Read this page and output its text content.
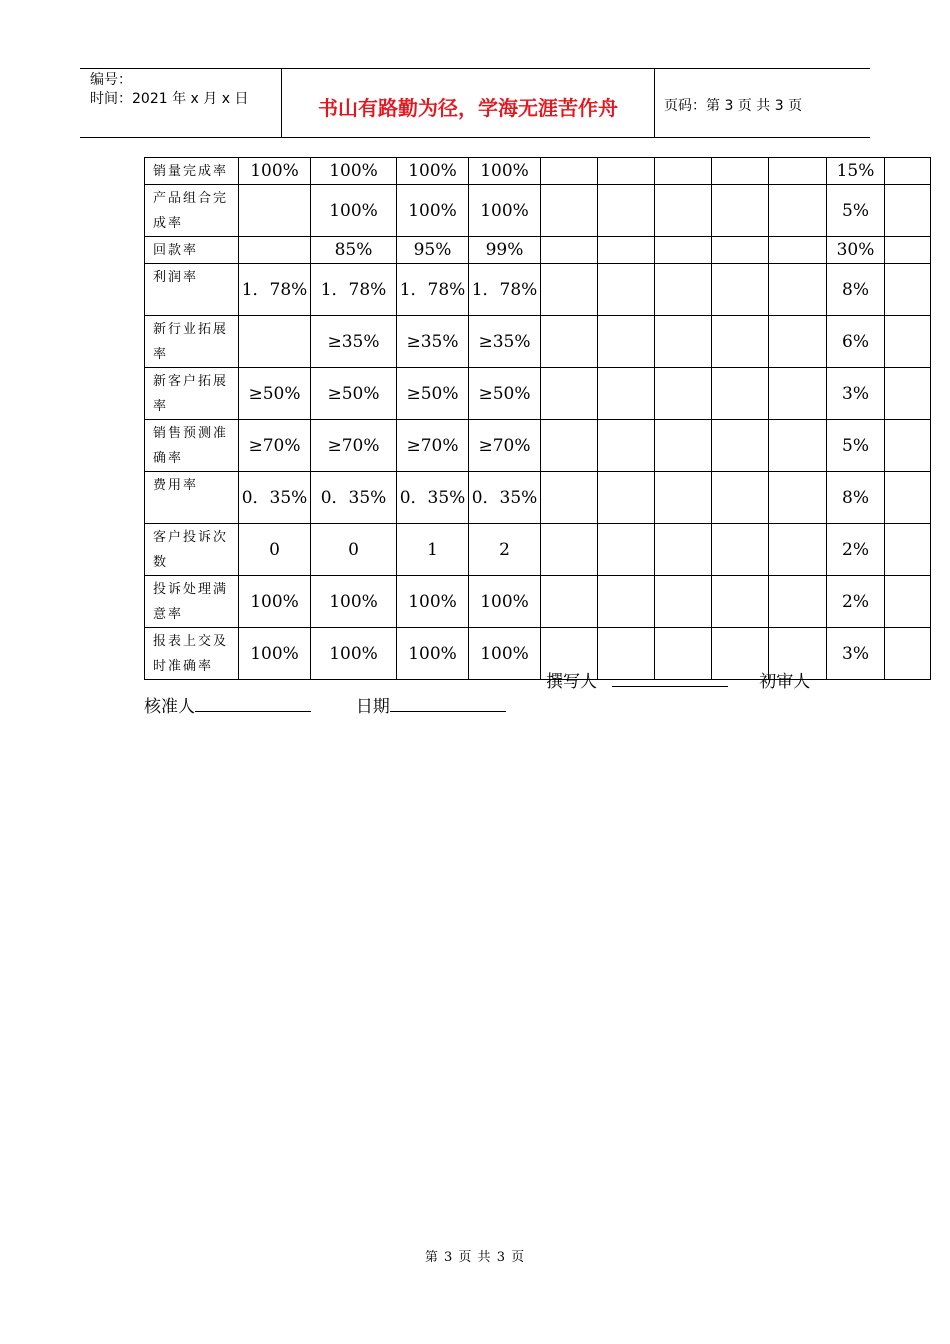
编号：
时间：2021 年 x 月 x 日	书山有路勤为径，学海无涯苦作舟	页码：第 3 页 共 3 页
销量完成率	100%	100%	100%	100%						15%	
产品组合完成率		100%	100%	100%						5%	
回款率		85%	95%	99%						30%	
利润率	1．78%	1．78%	1．78%	1．78%						8%	
新行业拓展率		≥35%	≥35%	≥35%						6%	
新客户拓展率	≥50%	≥50%	≥50%	≥50%						3%	
销售预测准确率	≥70%	≥70%	≥70%	≥70%						5%	
费用率	0．35%	0．35%	0．35%	0．35%						8%	
客户投诉次数	0	0	1	2						2%	
投诉处理满意率	100%	100%	100%	100%						2%	
报表上交及时准确率	100%	100%	100%	100%						3%	
撰写人	初审人
核准人	日期
第 3 页 共 3 页
